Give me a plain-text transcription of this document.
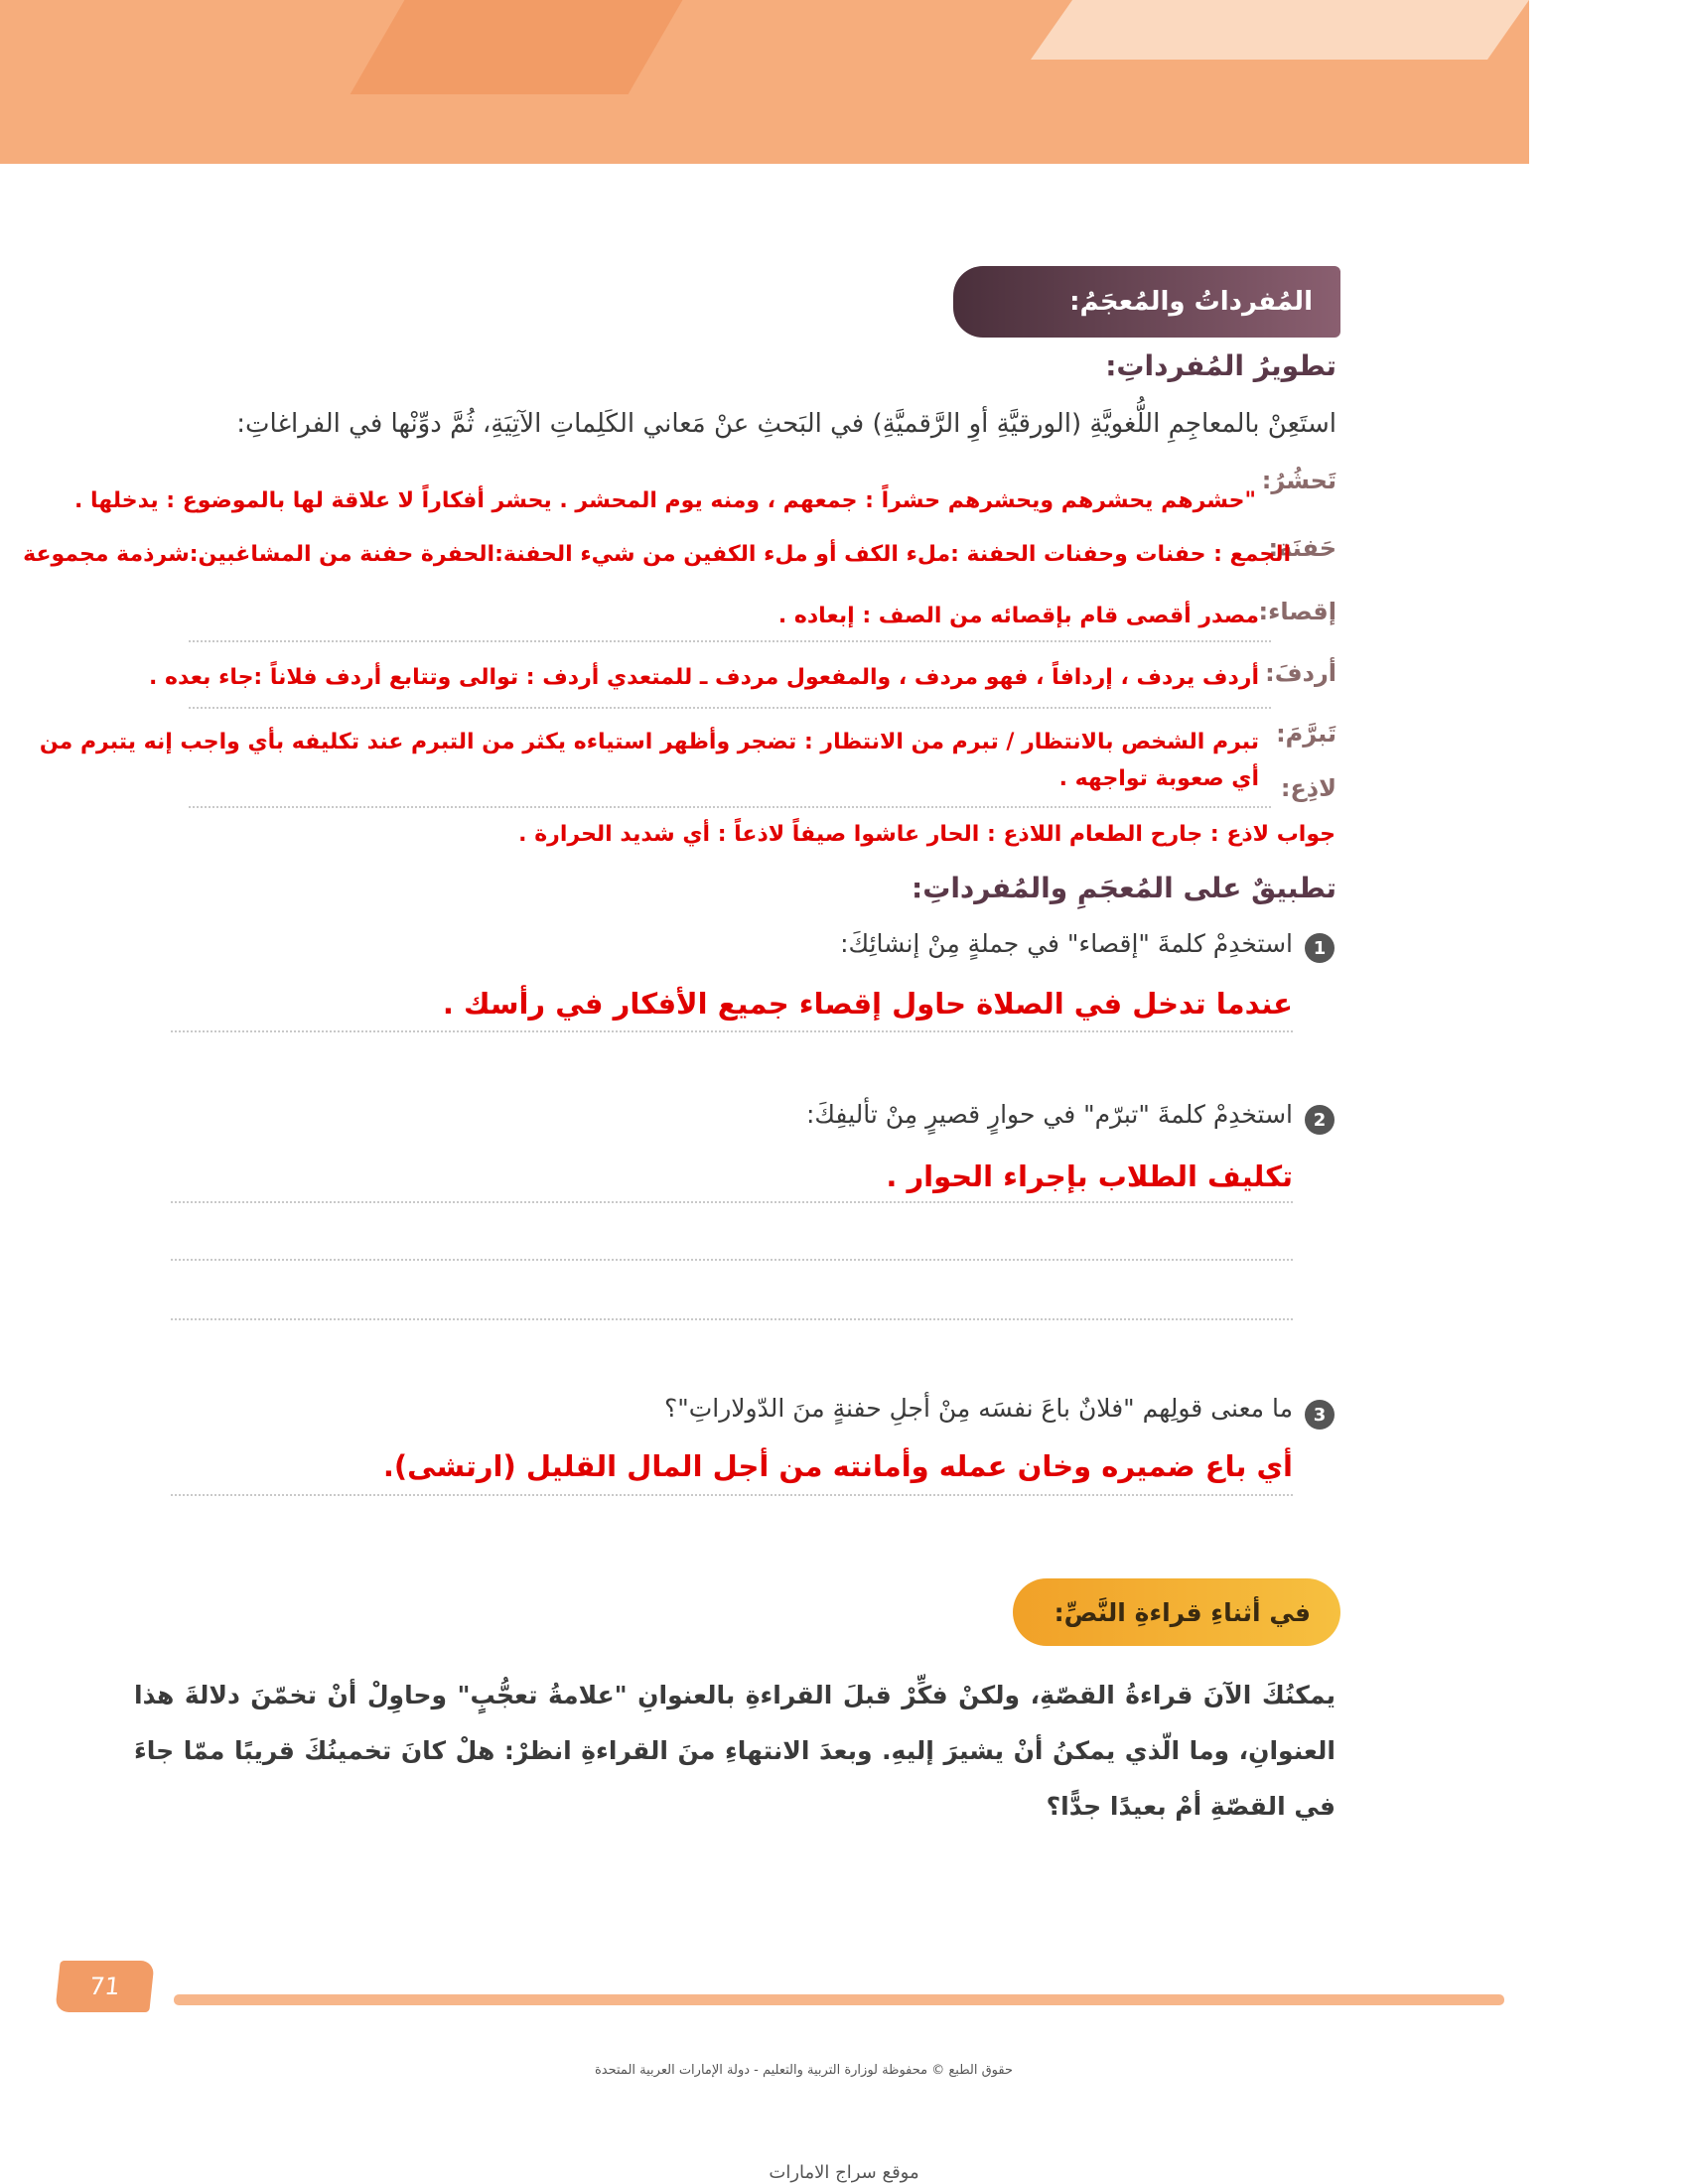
المُفرداتُ والمُعجَمُ:
تطويرُ المُفرداتِ:
استَعِنْ بالمعاجِمِ اللُّغويَّةِ (الورقيَّةِ أوِ الرَّقميَّةِ) في البَحثِ عنْ مَعاني الكَلِماتِ الآتِيَةِ، ثُمَّ دوِّنْها في الفراغاتِ:
تَحشُرُ:
"حشرهم يحشرهم ويحشرهم حشراً : جمعهم ، ومنه يوم المحشر . يحشر أفكاراً لا علاقة لها بالموضوع : يدخلها .
حَفنَة:
الجمع : حفنات وحفنات الحفنة :ملء الكف أو ملء الكفين من شيء الحفنة:الحفرة حفنة من المشاغبين:شرذمة مجموعة
إقصاء:
مصدر أقصى قام بإقصائه من الصف : إبعاده .
أردفَ:
أردف يردف ، إردافاً ، فهو مردف ، والمفعول مردف ـ للمتعدي أردف : توالى وتتابع أردف فلاناً :جاء بعده .
تَبرَّمَ:
تبرم الشخص بالانتظار / تبرم من الانتظار : تضجر وأظهر استياءه يكثر من التبرم عند تكليفه بأي واجب إنه يتبرم من
أي صعوبة تواجهه . لاذِع:
جواب لاذع : جارح الطعام اللاذع : الحار عاشوا صيفاً لاذعاً : أي شديد الحرارة .
تطبيقٌ على المُعجَمِ والمُفرداتِ:
1
استخدِمْ كلمةَ "إقصاء" في جملةٍ مِنْ إنشائِكَ:
عندما تدخل في الصلاة حاول إقصاء جميع الأفكار في رأسك .
2
استخدِمْ كلمةَ "تبرّم" في حوارٍ قصيرٍ مِنْ تأليفِكَ:
تكليف الطلاب بإجراء الحوار .
3
ما معنى قولِهم "فلانٌ باعَ نفسَه مِنْ أجلِ حفنةٍ منَ الدّولاراتِ"؟
أي باع ضميره وخان عمله وأمانته من أجل المال القليل (ارتشى).
في أثناءِ قراءةِ النَّصِّ:
يمكنُكَ الآنَ قراءةُ القصّةِ، ولكنْ فكِّرْ قبلَ القراءةِ بالعنوانِ "علامةُ تعجُّبٍ" وحاوِلْ أنْ تخمّنَ دلالةَ هذا العنوانِ، وما الّذي يمكنُ أنْ يشيرَ إليهِ. وبعدَ الانتهاءِ منَ القراءةِ انظرْ: هلْ كانَ تخمينُكَ قريبًا ممّا جاءَ في القصّةِ أمْ بعيدًا جدًّا؟
71
حقوق الطبع © محفوظة لوزارة التربية والتعليم - دولة الإمارات العربية المتحدة
موقع سراج الامارات
